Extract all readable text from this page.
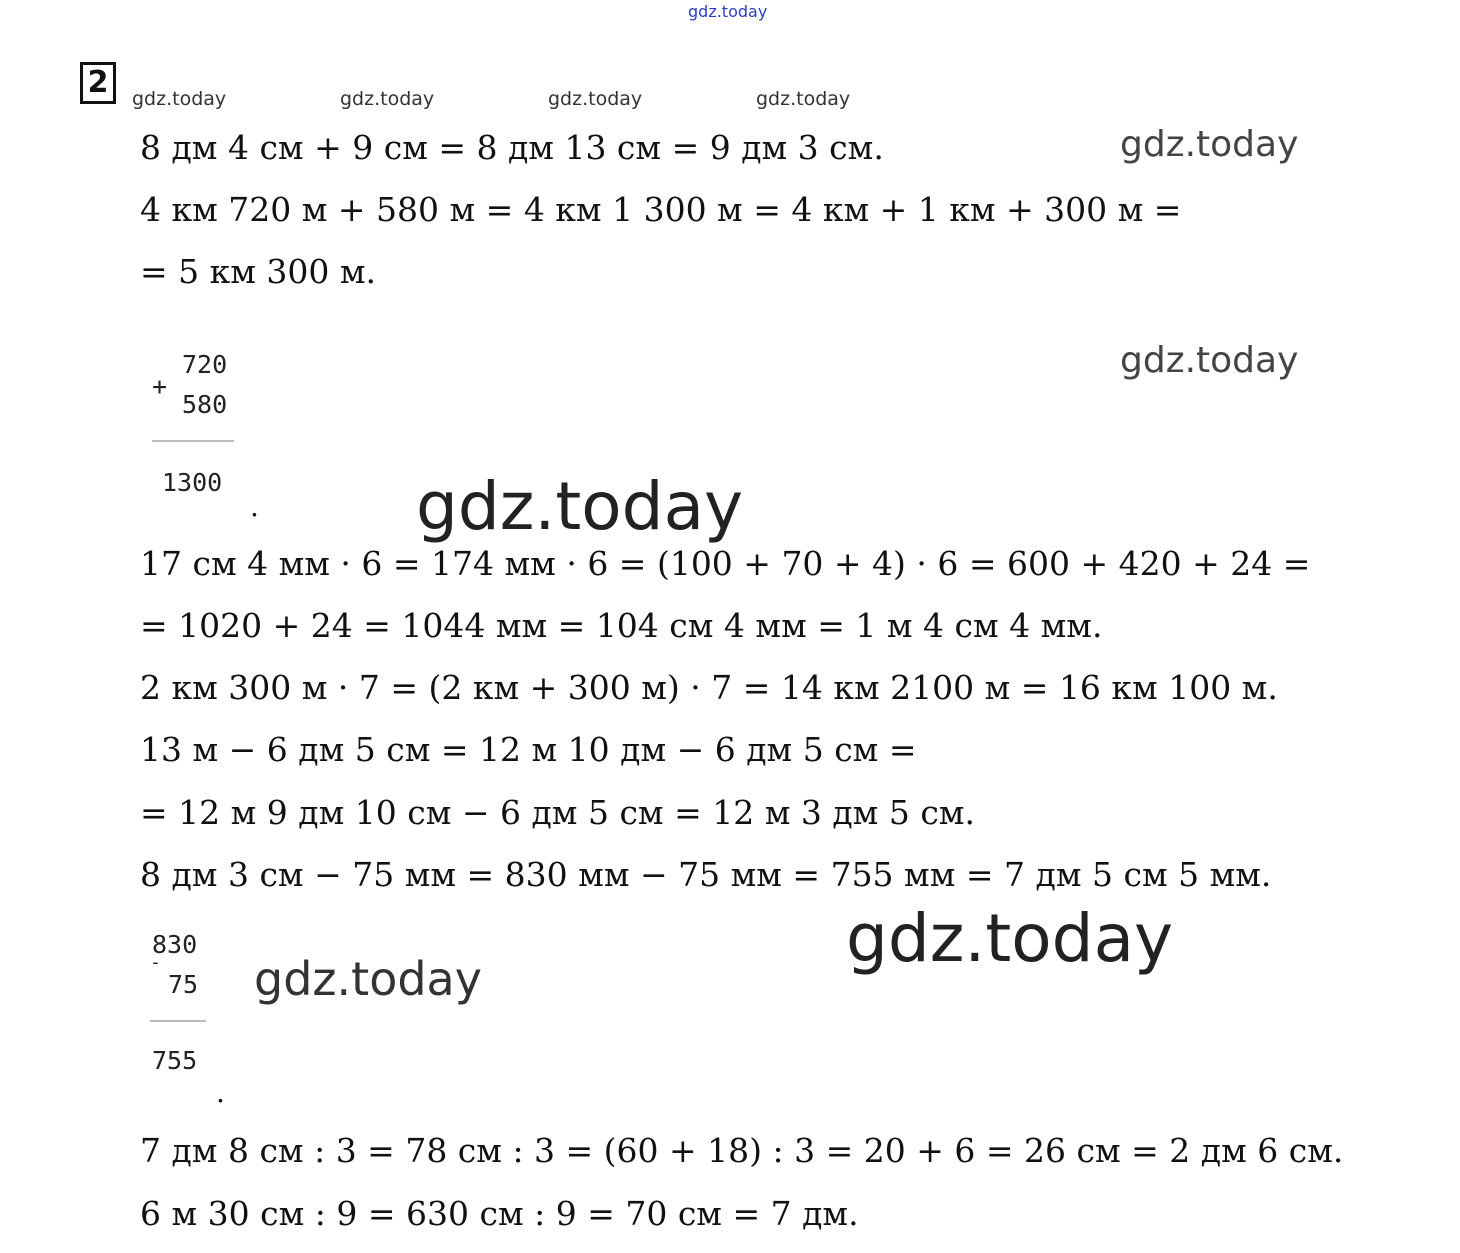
gdz.today
gdz.today	gdz.today	gdz.today	gdz.today
gdz.today
gdz.today
gdz.today
gdz.today
gdz.today
2
8 дм 4 см + 9 см = 8 дм 13 см = 9 дм 3 см.
4 км 720 м + 580 м = 4 км 1 300 м = 4 км + 1 км + 300 м =
= 5 км 300 м.
+
720
580
1300
.
17 см 4 мм · 6 = 174 мм · 6 = (100 + 70 + 4) · 6 = 600 + 420 + 24 =
= 1020 + 24 = 1044 мм = 104 см 4 мм = 1 м 4 см 4 мм.
2 км 300 м · 7 = (2 км + 300 м) · 7 = 14 км 2100 м = 16 км 100 м.
13 м − 6 дм 5 см = 12 м 10 дм − 6 дм 5 см =
= 12 м 9 дм 10 см − 6 дм 5 см = 12 м 3 дм 5 см.
8 дм 3 см − 75 мм = 830 мм − 75 мм = 755 мм = 7 дм 5 см 5 мм.
830
-
75
755
.
7 дм 8 см : 3 = 78 см : 3 = (60 + 18) : 3 = 20 + 6 = 26 см = 2 дм 6 см.
6 м 30 см : 9 = 630 см : 9 = 70 см = 7 дм.
